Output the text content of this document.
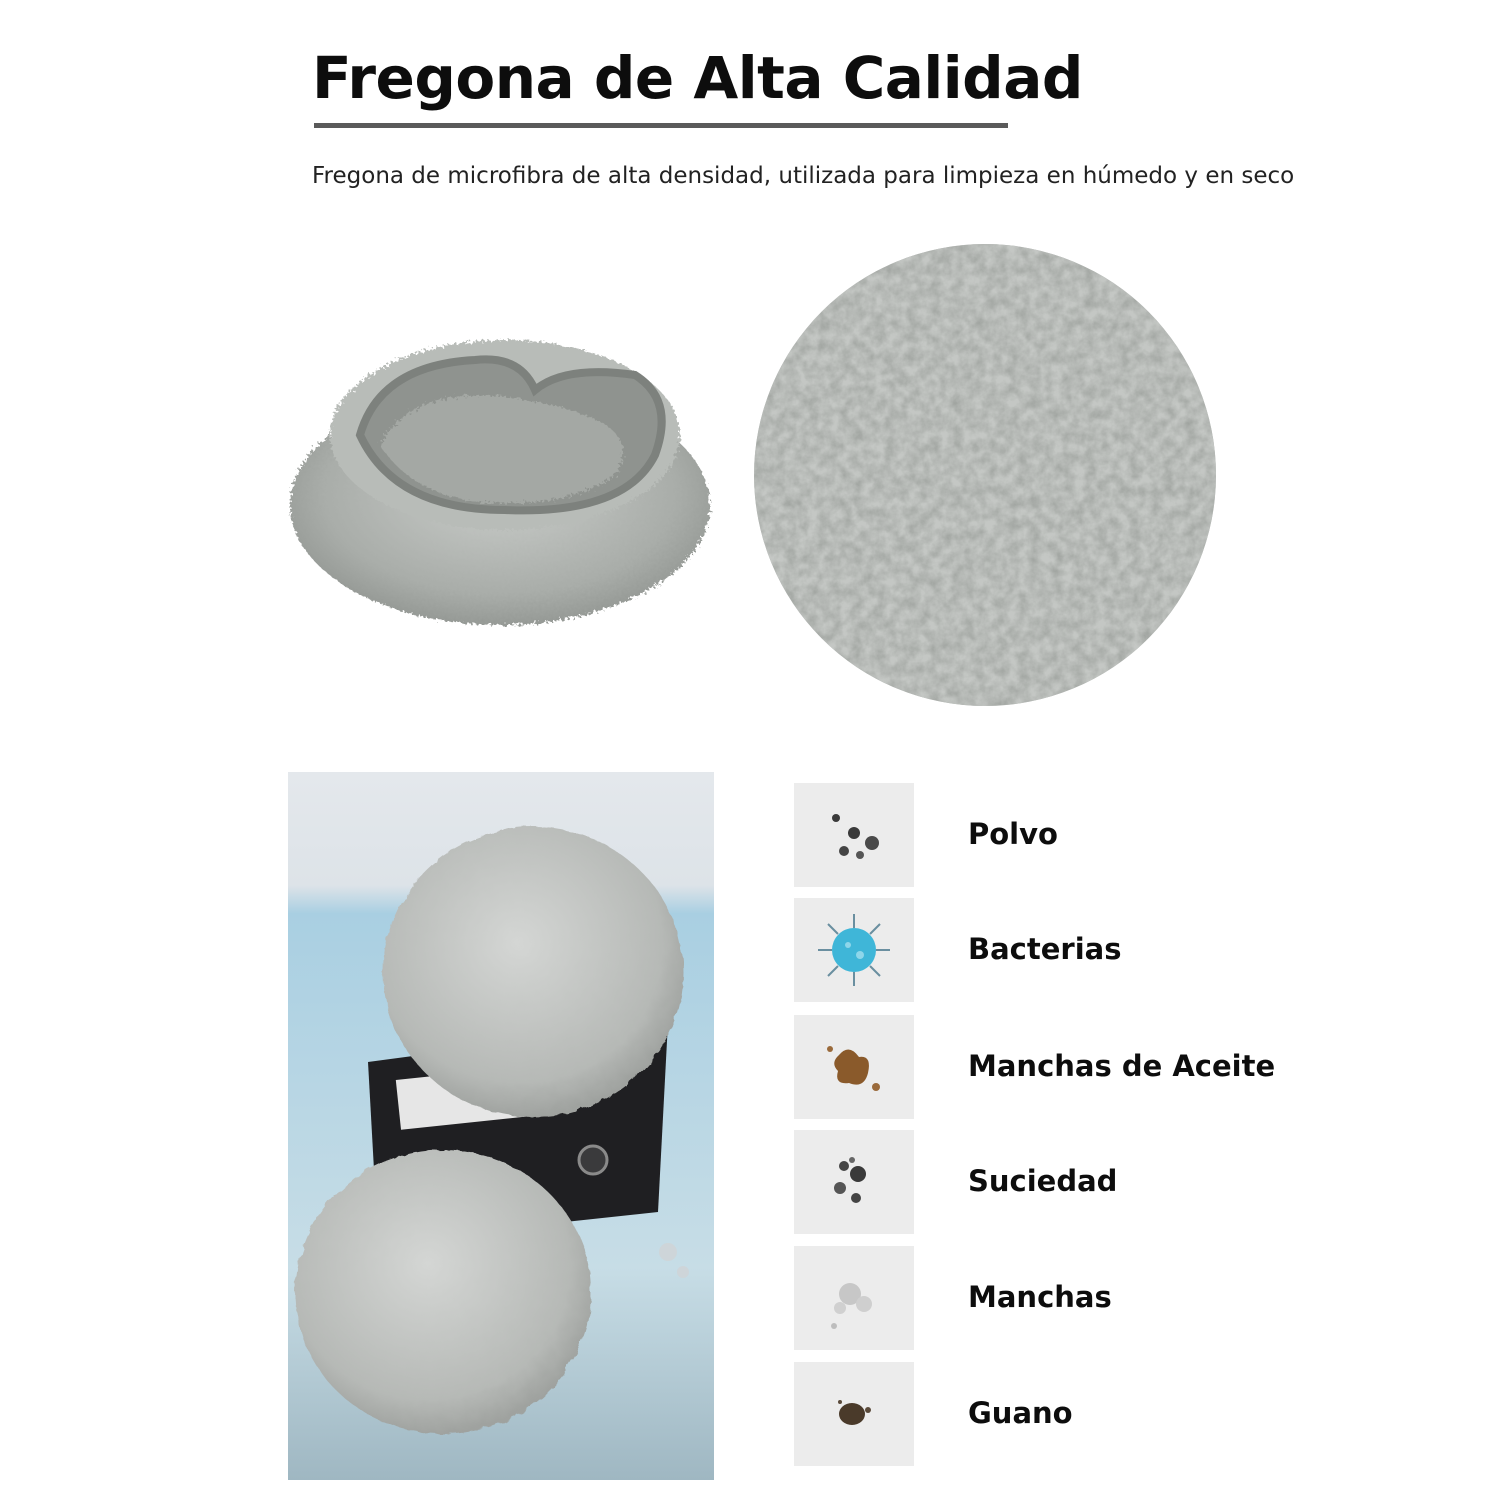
Fregona de Alta Calidad

Fregona de microfibra de alta densidad, utilizada para limpieza en húmedo y en seco

Polvo
Bacterias
Manchas de Aceite
Suciedad
Manchas
Guano
